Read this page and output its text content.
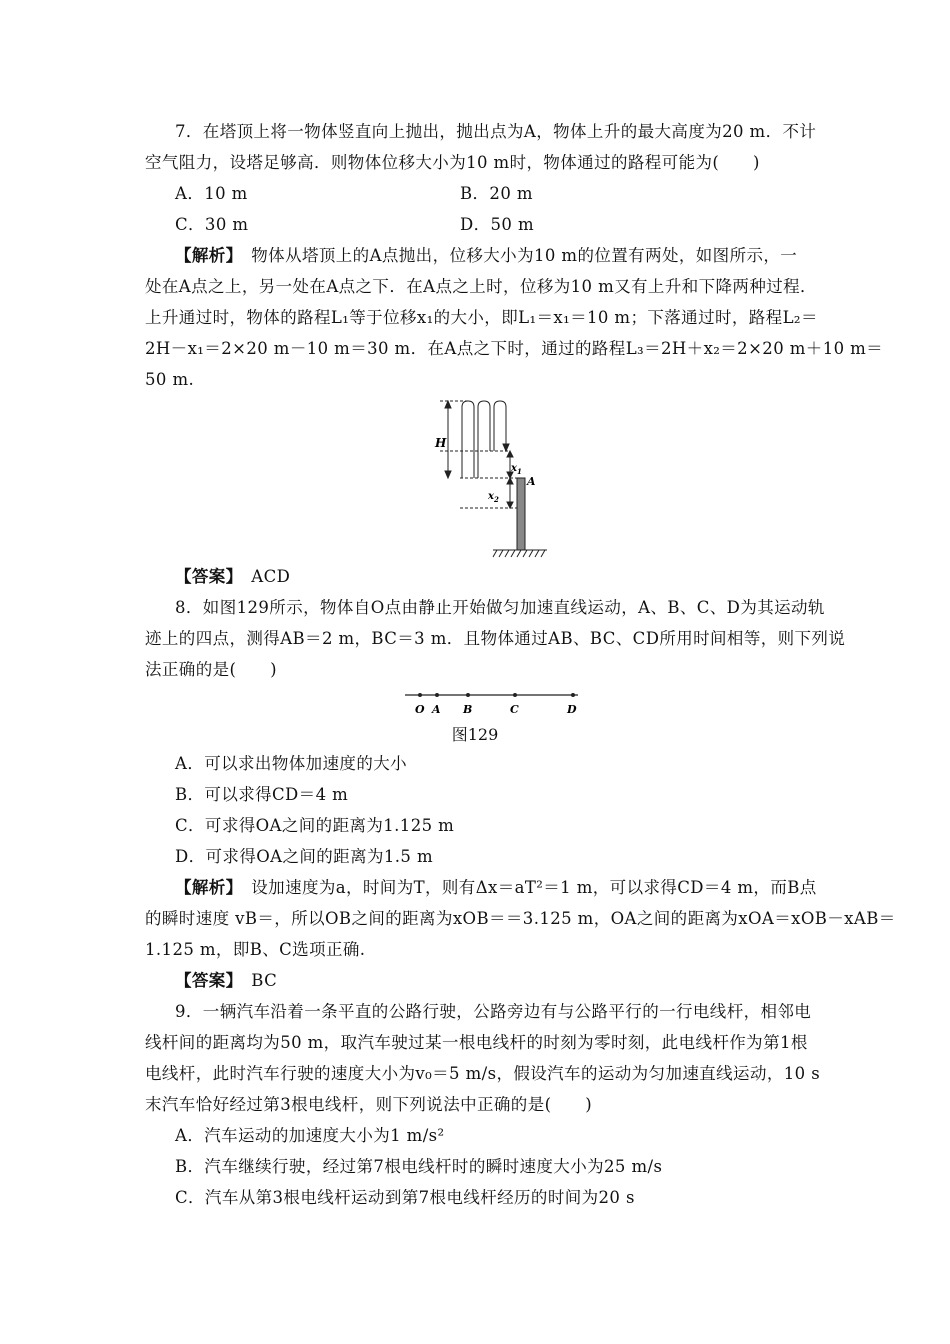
7．在塔顶上将一物体竖直向上抛出，抛出点为A，物体上升的最大高度为20 m．不计
空气阻力，设塔足够高．则物体位移大小为10 m时，物体通过的路程可能为(　　)
A．10 m	B．20 m
C．30 m	D．50 m
【解析】　 物体从塔顶上的A点抛出，位移大小为10 m的位置有两处，如图所示，一
处在A点之上，另一处在A点之下．在A点之上时，位移为10 m又有上升和下降两种过程．
上升通过时，物体的路程L₁等于位移x₁的大小，即L₁＝x₁＝10 m；下落通过时，路程L₂＝
2H－x₁＝2×20 m－10 m＝30 m．在A点之下时，通过的路程L₃＝2H＋x₂＝2×20 m＋10 m＝
50 m.
H
$x_1$
$x_2$
A
【答案】　 ACD
8．如图129所示，物体自O点由静止开始做匀加速直线运动，A、B、C、D为其运动轨
迹上的四点，测得AB＝2 m，BC＝3 m．且物体通过AB、BC、CD所用时间相等，则下列说
法正确的是(　　)
O A B	C	D
图129
A．可以求出物体加速度的大小
B．可以求得CD＝4 m
C．可求得OA之间的距离为1.125 m
D．可求得OA之间的距离为1.5 m
【解析】　 设加速度为a，时间为T，则有Δx＝aT²＝1 m，可以求得CD＝4 m，而B点
的瞬时速度 vB＝，所以OB之间的距离为xOB＝＝3.125 m，OA之间的距离为xOA＝xOB－xAB＝
1.125 m，即B、C选项正确.
【答案】　 BC
9．一辆汽车沿着一条平直的公路行驶，公路旁边有与公路平行的一行电线杆，相邻电
线杆间的距离均为50 m，取汽车驶过某一根电线杆的时刻为零时刻，此电线杆作为第1根
电线杆，此时汽车行驶的速度大小为v₀＝5 m/s，假设汽车的运动为匀加速直线运动，10 s
末汽车恰好经过第3根电线杆，则下列说法中正确的是(　　)
A．汽车运动的加速度大小为1 m/s²
B．汽车继续行驶，经过第7根电线杆时的瞬时速度大小为25 m/s
C．汽车从第3根电线杆运动到第7根电线杆经历的时间为20 s
